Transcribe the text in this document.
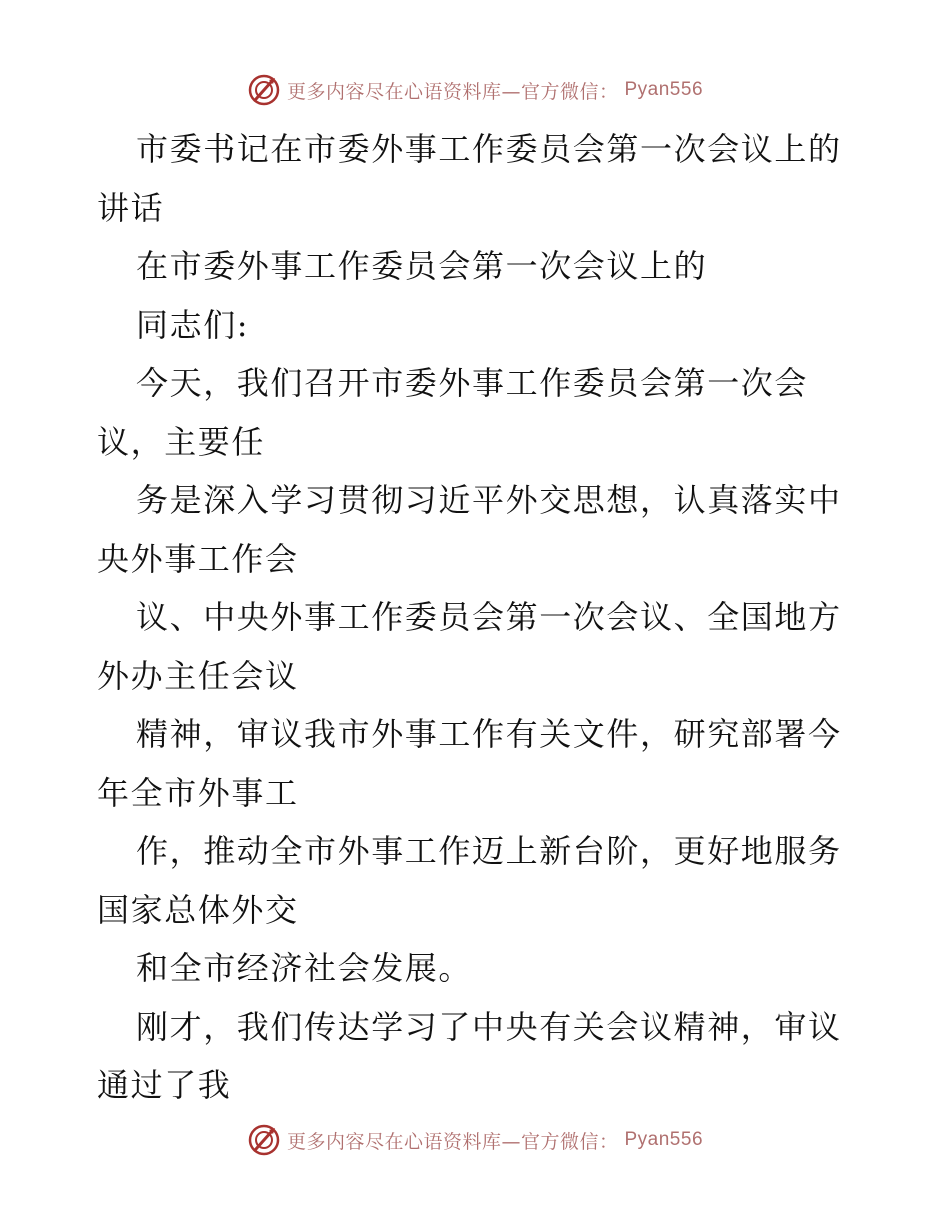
更多内容尽在心语资料库—官方微信： Pyan556
市委书记在市委外事工作委员会第一次会议上的
讲话
在市委外事工作委员会第一次会议上的
同志们:
今天，我们召开市委外事工作委员会第一次会
议，主要任
务是深入学习贯彻习近平外交思想，认真落实中
央外事工作会
议、中央外事工作委员会第一次会议、全国地方
外办主任会议
精神，审议我市外事工作有关文件，研究部署今
年全市外事工
作，推动全市外事工作迈上新台阶，更好地服务
国家总体外交
和全市经济社会发展。
刚才，我们传达学习了中央有关会议精神，审议
通过了我
更多内容尽在心语资料库—官方微信： Pyan556
